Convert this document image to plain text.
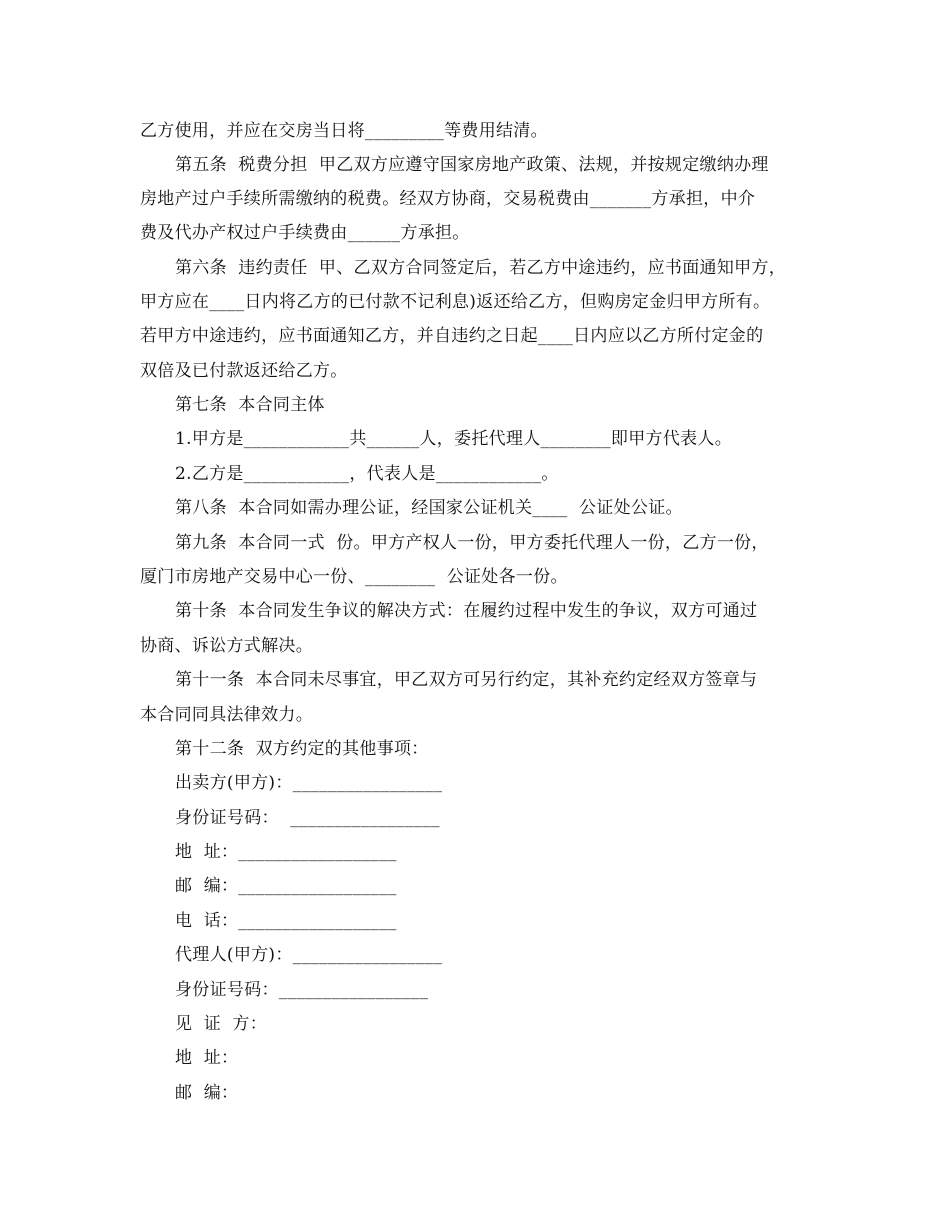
乙方使用，并应在交房当日将_________等费用结清。
第五条  税费分担  甲乙双方应遵守国家房地产政策、法规，并按规定缴纳办理
房地产过户手续所需缴纳的税费。经双方协商，交易税费由_______方承担，中介
费及代办产权过户手续费由______方承担。
第六条  违约责任  甲、乙双方合同签定后，若乙方中途违约，应书面通知甲方，
甲方应在____日内将乙方的已付款不记利息)返还给乙方，但购房定金归甲方所有。
若甲方中途违约，应书面通知乙方，并自违约之日起____日内应以乙方所付定金的
双倍及已付款返还给乙方。
第七条  本合同主体
1.甲方是____________共______人，委托代理人________即甲方代表人。
2.乙方是____________，代表人是____________。
第八条  本合同如需办理公证，经国家公证机关____  公证处公证。
第九条  本合同一式  份。甲方产权人一份，甲方委托代理人一份，乙方一份，
厦门市房地产交易中心一份、________  公证处各一份。
第十条  本合同发生争议的解决方式：在履约过程中发生的争议，双方可通过
协商、诉讼方式解决。
第十一条  本合同未尽事宜，甲乙双方可另行约定，其补充约定经双方签章与
本合同同具法律效力。
第十二条  双方约定的其他事项：
出卖方(甲方)：_________________
身份证号码：  _________________
地  址：__________________
邮  编：__________________
电  话：__________________
代理人(甲方)：_________________
身份证号码：_________________
见  证  方：
地  址：
邮  编：
